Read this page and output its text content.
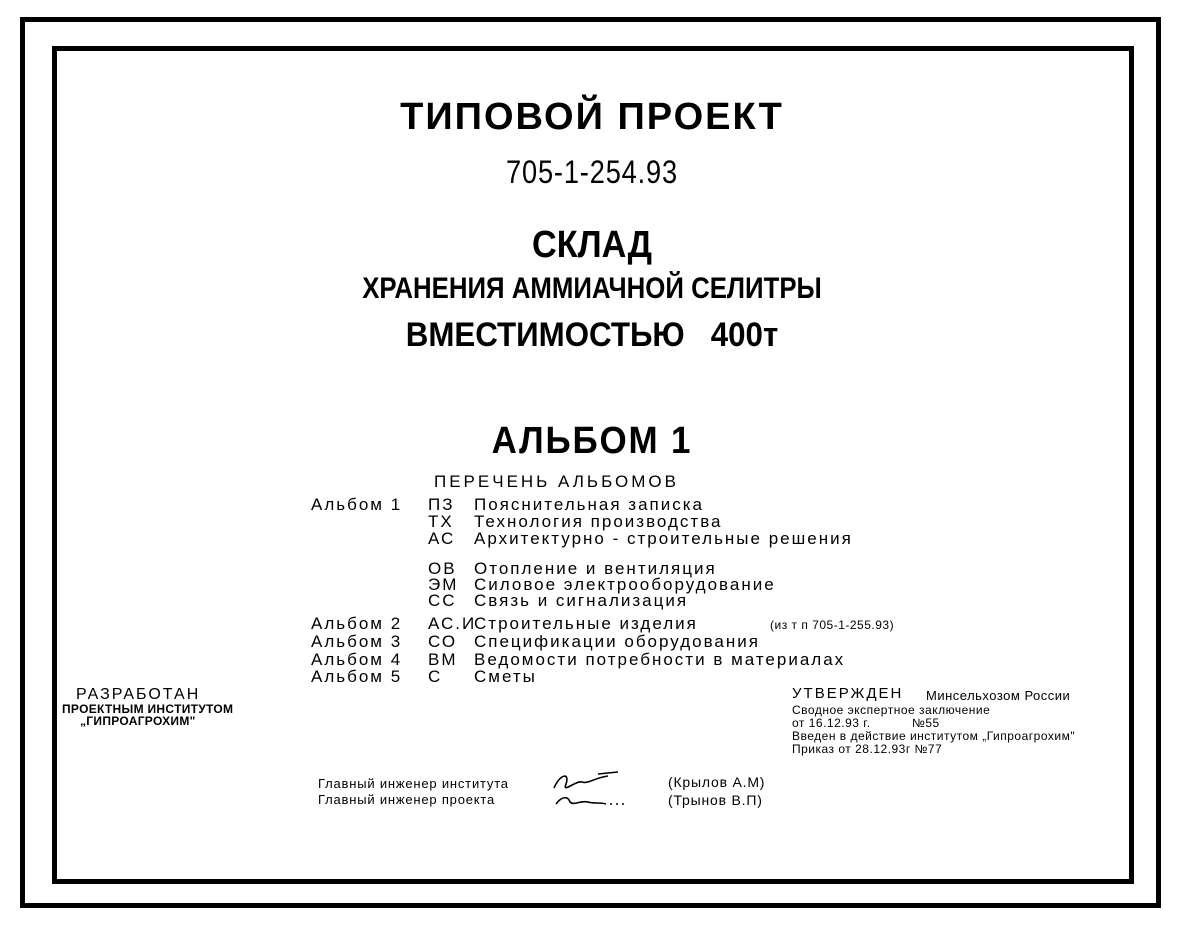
ТИПОВОЙ ПРОЕКТ
705-1-254.93
СКЛАД
ХРАНЕНИЯ АММИАЧНОЙ СЕЛИТРЫ
ВМЕСТИМОСТЬЮ   400т
АЛЬБОМ 1
ПЕРЕЧЕНЬ АЛЬБОМОВ
Альбом 1 ПЗ Пояснительная записка
ТХ Технология производства
АС Архитектурно - строительные решения
ОВ Отопление и вентиляция
ЭМ Силовое электрооборудование
СС Связь и сигнализация
Альбом 2 АС.И
Строительные изделия	(из т п 705-1-255.93)
Альбом 3 СО Спецификации оборудования
Альбом 4 ВМ Ведомости потребности в материалах
Альбом 5 С Сметы
РАЗРАБОТАН
ПРОЕКТНЫМ ИНСТИТУТОМ
„ГИПРОАГРОХИМ"
УТВЕРЖДЕН Минсельхозом России
Сводное экспертное заключение
от 16.12.93 г.	№55
Введен в действие институтом „Гипроагрохим"
Приказ от 28.12.93г №77
Главный инженер института
Главный инженер проекта
(Крылов А.М)
(Трынов В.П)
